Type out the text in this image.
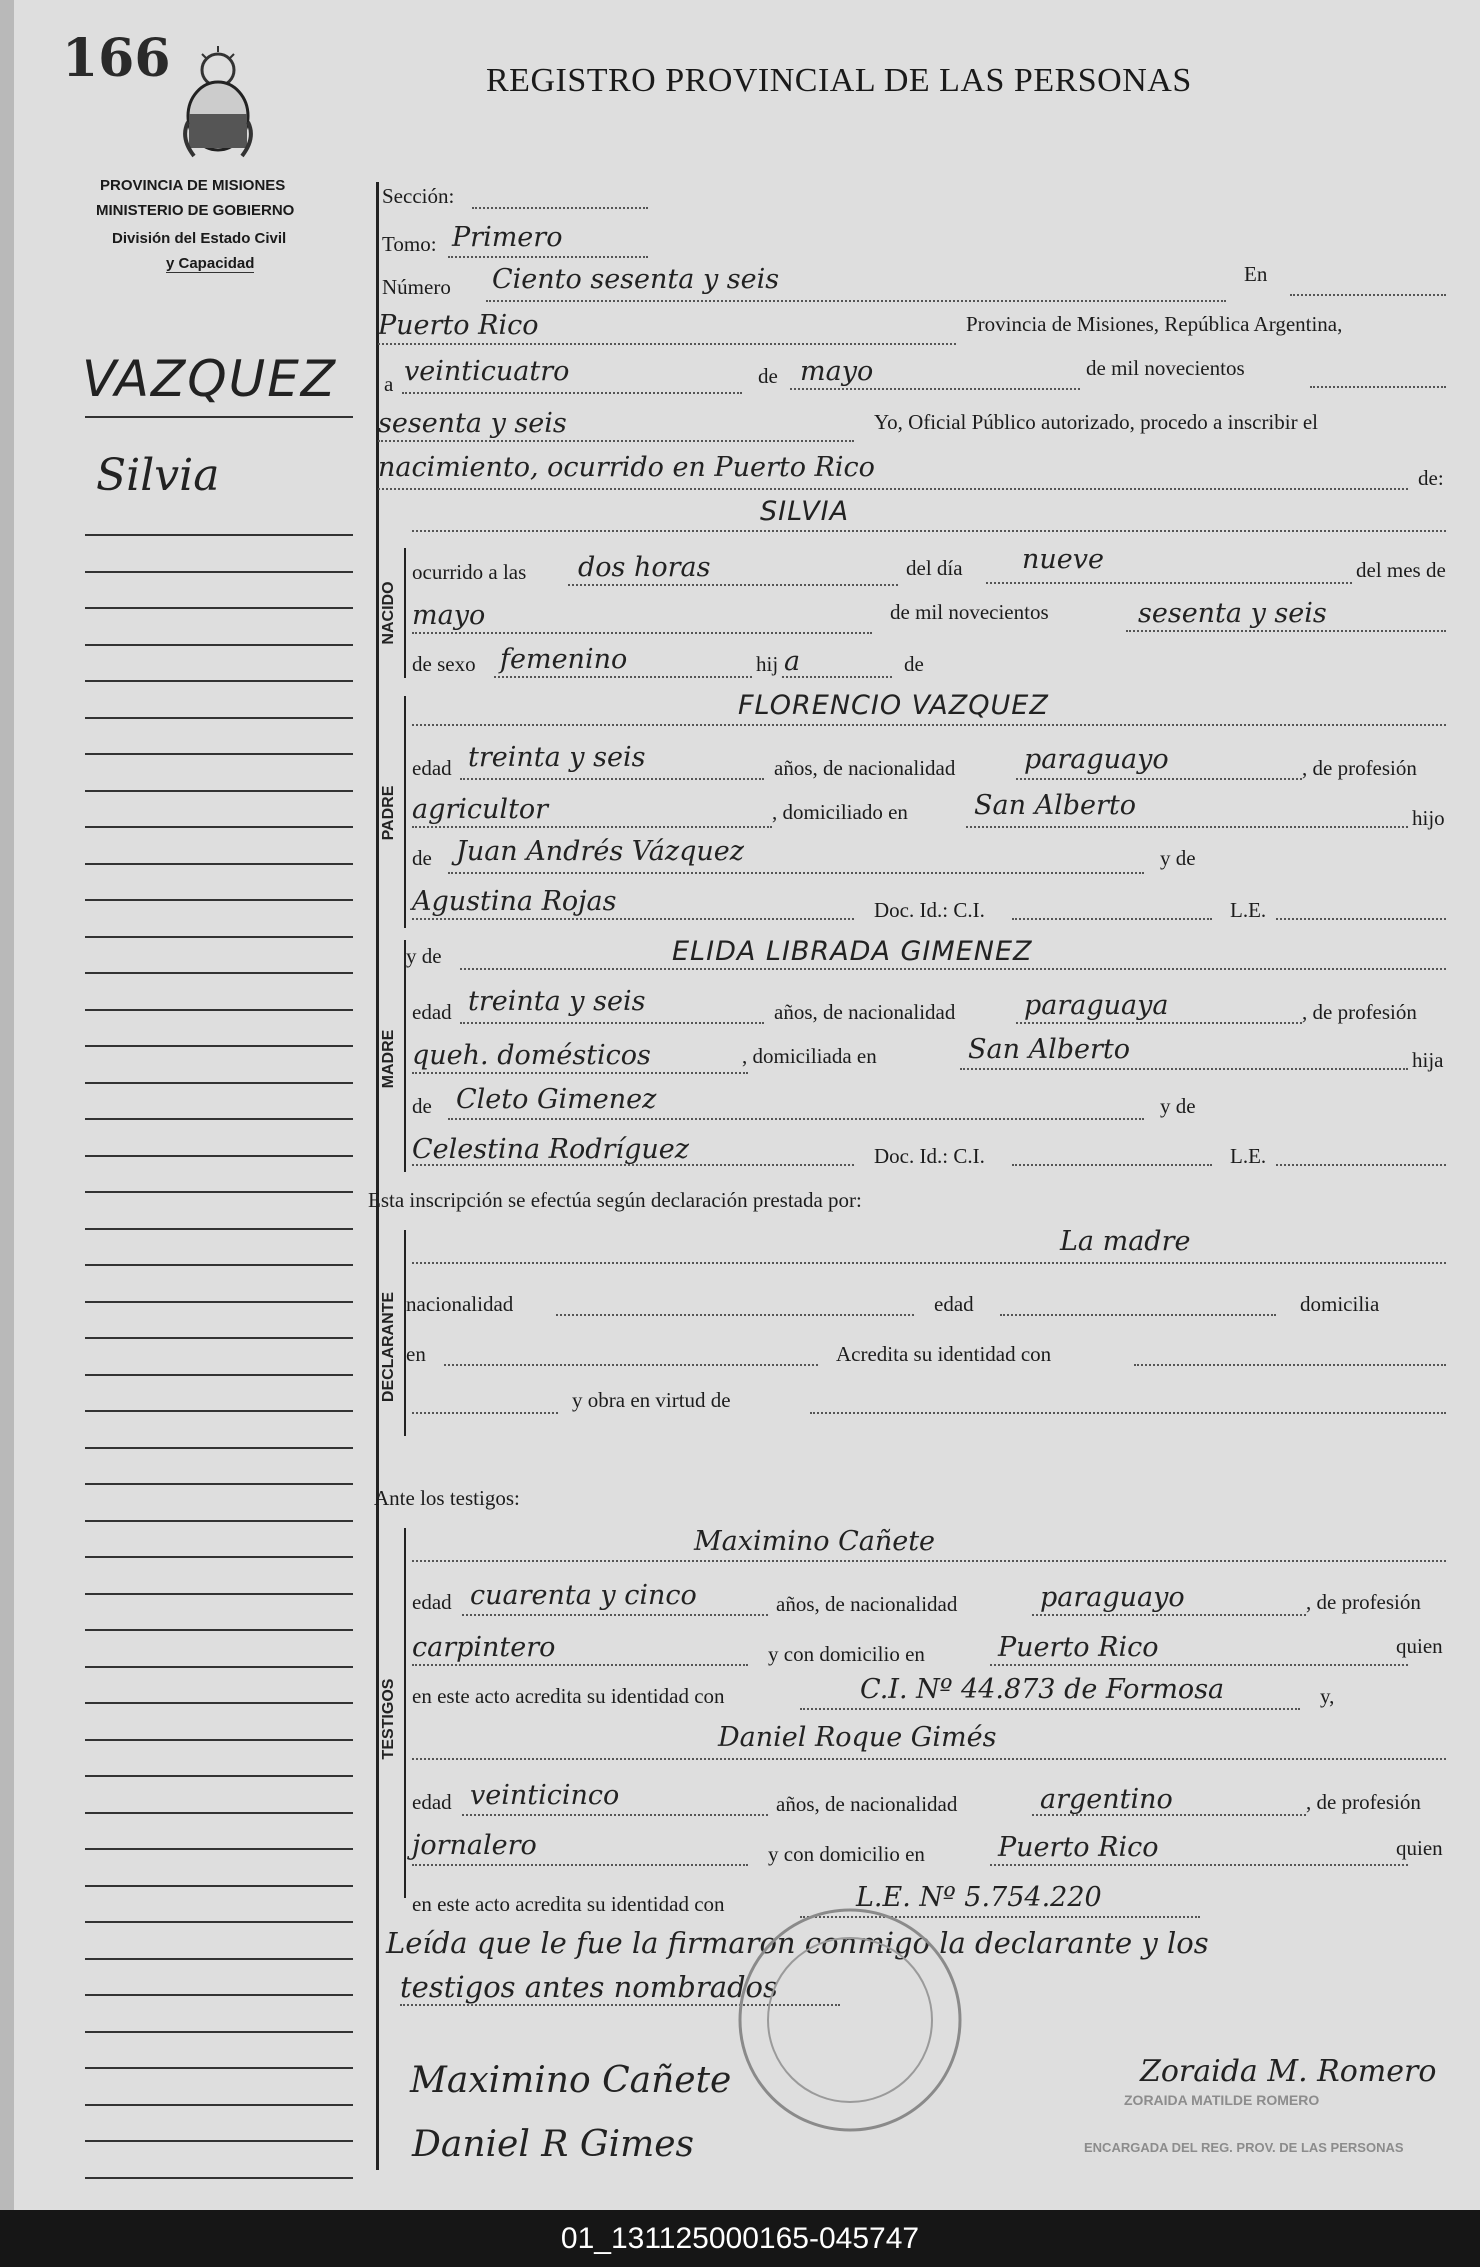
166
PROVINCIA DE MISIONES
MINISTERIO DE GOBIERNO
División del Estado Civil
y Capacidad
REGISTRO PROVINCIAL DE LAS PERSONAS
VAZQUEZ
Silvia
Sección:
Tomo: Primero
Número Ciento sesenta y seis	En
Puerto Rico	Provincia de Misiones, República Argentina,
a veinticuatro	de mayo	de mil novecientos
sesenta y seis	Yo, Oficial Público autorizado, procedo a inscribir el
nacimiento, ocurrido en Puerto Rico	de:
SILVIA
NACIDO
ocurrido a las dos horas	del día nueve	del mes de
mayo	de mil novecientos	sesenta y seis
de sexo femenino	hij a	de
PADRE
FLORENCIO VAZQUEZ
edad treinta y seis	años, de nacionalidad	paraguayo	, de profesión
agricultor	, domiciliado en San Alberto	hijo
de Juan Andrés Vázquez	y de
Agustina Rojas	Doc. Id.: C.I.	L.E.
MADRE
y de	ELIDA LIBRADA GIMENEZ
edad treinta y seis	años, de nacionalidad	paraguaya	, de profesión
queh. domésticos	, domiciliada en	San Alberto	hija
de Cleto Gimenez	y de
Celestina Rodríguez	Doc. Id.: C.I.	L.E.
Esta inscripción se efectúa según declaración prestada por:
DECLARANTE
La madre
nacionalidad	edad	domicilia
en	Acredita su identidad con
y obra en virtud de
Ante los testigos:
TESTIGOS
Maximino Cañete
edad cuarenta y cinco	años, de nacionalidad	paraguayo	, de profesión
carpintero	y con domicilio en	Puerto Rico	quien
en este acto acredita su identidad con	C.I. Nº 44.873 de Formosa	y,
Daniel Roque Gimés
edad veinticinco	años, de nacionalidad	argentino	, de profesión
jornalero	y con domicilio en	Puerto Rico	quien
en este acto acredita su identidad con	L.E. Nº 5.754.220
Leída que le fue la firmaron conmigo la declarante y los
testigos antes nombrados
Maximino Cañete
Daniel R Gimes
Zoraida M. Romero
ZORAIDA MATILDE ROMERO
ENCARGADA DEL REG. PROV. DE LAS PERSONAS
01_131125000165-045747
